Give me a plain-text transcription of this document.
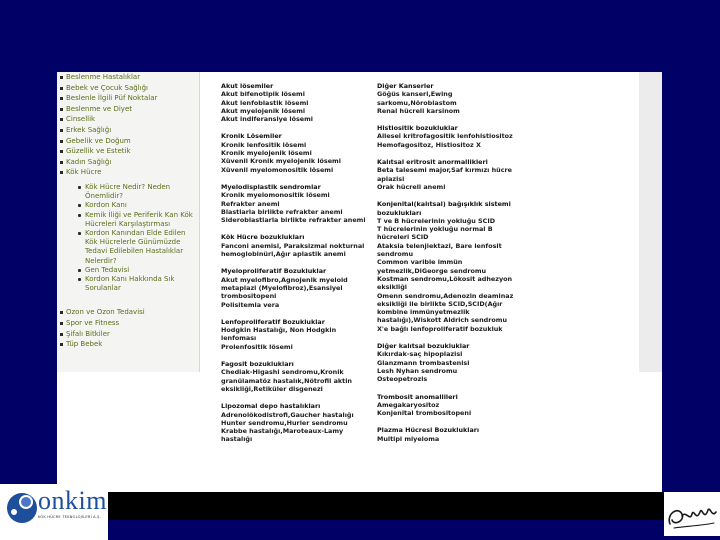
Beslenme Hastalıklar
Bebek ve Çocuk Sağlığı
Beslenle İlgili Püf Noktalar
Beslenme ve Diyet
Cinsellik
Erkek Sağlığı
Gebelik ve Doğum
Güzellik ve Estetik
Kadın Sağlığı
Kök Hücre
Kök Hücre Nedir? Neden Önemlidir?
Kordon Kanı
Kemik İliği ve Periferik Kan Kök Hücreleri Karşılaştırması
Kordon Kanından Elde Edilen Kök Hücrelerle Günümüzde Tedavi Edilebilen Hastalıklar Nelerdir?
Gen Tedavisi
Kordon Kanı Hakkında Sık Sorulanlar
Ozon ve Ozon Tedavisi
Spor ve Fitness
Şifalı Bitkiler
Tüp Bebek
Akut lösemiler
Akut bifenotipik lösemi
Akut lenfoblastik lösemi
Akut myelojenik lösemi
Akut indiferansiye lösemi
Kronik Lösemiler
Kronik lenfositik lösemi
Kronik myelojenik lösemi
Xüvenil Kronik myelojenik lösemi
Xüvenil myelomonositik lösemi
Myelodisplastik sendromlar
Kronik myelomonositik lösemi
Refrakter anemi
Blastlarla birlikte refrakter anemi
Sideroblastlarla birlikte refrakter anemi
Kök Hücre bozuklukları
Fanconi anemisi, Paraksizmal nokturnal hemoglobinüri,Ağır aplastik anemi
Myeloproliferatif Bozukluklar
Akut myelofibro,Agnojenik myeloid metaplazi (Myelofibroz),Esansiyel trombositopeni
Polisitemia vera
Lenfoproliferatif Bozukluklar
Hodgkin Hastalığı, Non Hodgkin lenfoması
Prolenfositik lösemi
Fagosit bozuklukları
Chediak-Higashi sendromu,Kronik granülamatöz hastalık,Nötrofil aktin eksikliği,Retiküler disgenezi
Lipozomal depo hastalıkları
Adrenolökodistrofi,Gaucher hastalığı
Hunter sendromu,Hurler sendromu
Krabbe hastalığı,Maroteaux-Lamy hastalığı
Diğer Kanserler
Göğüs kanseri,Ewing sarkomu,Nöroblastom
Renal hücreli karsinom
Histiositik bozukluklar
Ailesel kritrofagositik lenfohistiositoz
Hemofagositoz, Histiositoz X
Kalıtsal eritrosit anormallikleri
Beta talesemi major,Saf kırmızı hücre aplazisi
Orak hücreli anemi
Konjenital(kalıtsal) bağışıklık sistemi bozuklukları
T ve B hücrelerinin yokluğu SCID
T hücrelerinin yokluğu normal B hücreleri SCID
Ataksia telenjiektazi, Bare lenfosit sendromu
Common varible immün yetmezlik,DiGeorge sendromu
Kostman sendromu,Lökosit adhezyon eksikliği
Omenn sendromu,Adenozin deaminaz eksikliği ile birlikte SCID,SCID(Ağır kombine immünyetmezlik hastalığı),Wiskott Aldrich sendromu
X'e bağlı lenfoproliferatif bozukluk
Diğer kalıtsal bozukluklar
Kıkırdak-saç hipoplazisi
Glanzmann trombastenisi
Lesh Nyhan sendromu
Osteopetrozis
Trombosit anomallileri
Amegakaryositoz
Konjenital trombositopeni
Plazma Hücresi Bozuklukları
Multipl miyeloma
onkim
KÖK HÜCRE TEKNOLOJİLERİ A.Ş.
